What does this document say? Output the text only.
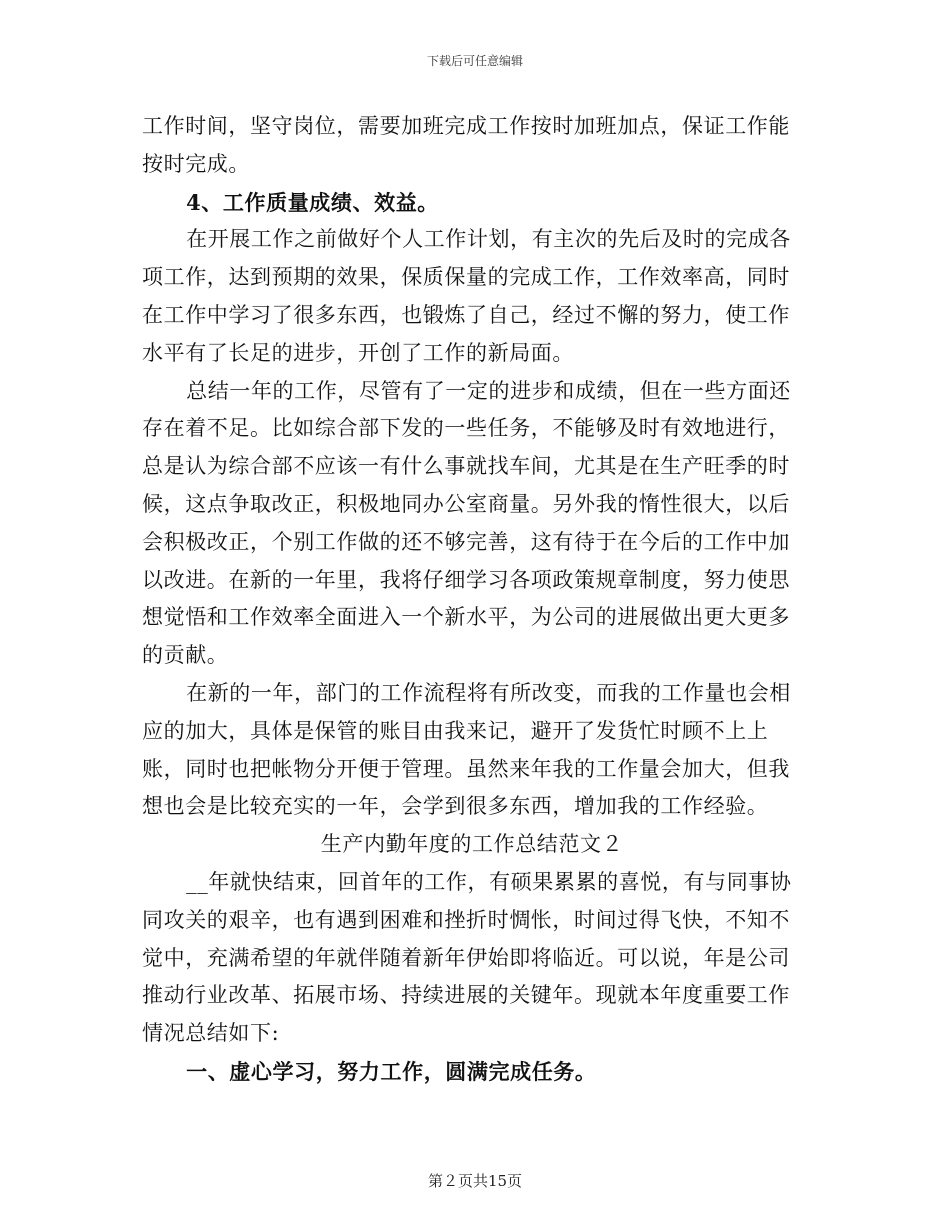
下载后可任意编辑

工作时间，坚守岗位，需要加班完成工作按时加班加点，保证工作能按时完成。

4、工作质量成绩、效益。

在开展工作之前做好个人工作计划，有主次的先后及时的完成各项工作，达到预期的效果，保质保量的完成工作，工作效率高，同时在工作中学习了很多东西，也锻炼了自己，经过不懈的努力，使工作水平有了长足的进步，开创了工作的新局面。

总结一年的工作，尽管有了一定的进步和成绩，但在一些方面还存在着不足。比如综合部下发的一些任务，不能够及时有效地进行，总是认为综合部不应该一有什么事就找车间，尤其是在生产旺季的时候，这点争取改正，积极地同办公室商量。另外我的惰性很大，以后会积极改正，个别工作做的还不够完善，这有待于在今后的工作中加以改进。在新的一年里，我将仔细学习各项政策规章制度，努力使思想觉悟和工作效率全面进入一个新水平，为公司的进展做出更大更多的贡献。

在新的一年，部门的工作流程将有所改变，而我的工作量也会相应的加大，具体是保管的账目由我来记，避开了发货忙时顾不上上账，同时也把帐物分开便于管理。虽然来年我的工作量会加大，但我想也会是比较充实的一年，会学到很多东西，增加我的工作经验。

生产内勤年度的工作总结范文２

__年就快结束，回首年的工作，有硕果累累的喜悦，有与同事协同攻关的艰辛，也有遇到困难和挫折时惆怅，时间过得飞快，不知不觉中，充满希望的年就伴随着新年伊始即将临近。可以说，年是公司推动行业改革、拓展市场、持续进展的关键年。现就本年度重要工作情况总结如下:

一、虚心学习，努力工作，圆满完成任务。

第２页共15页
